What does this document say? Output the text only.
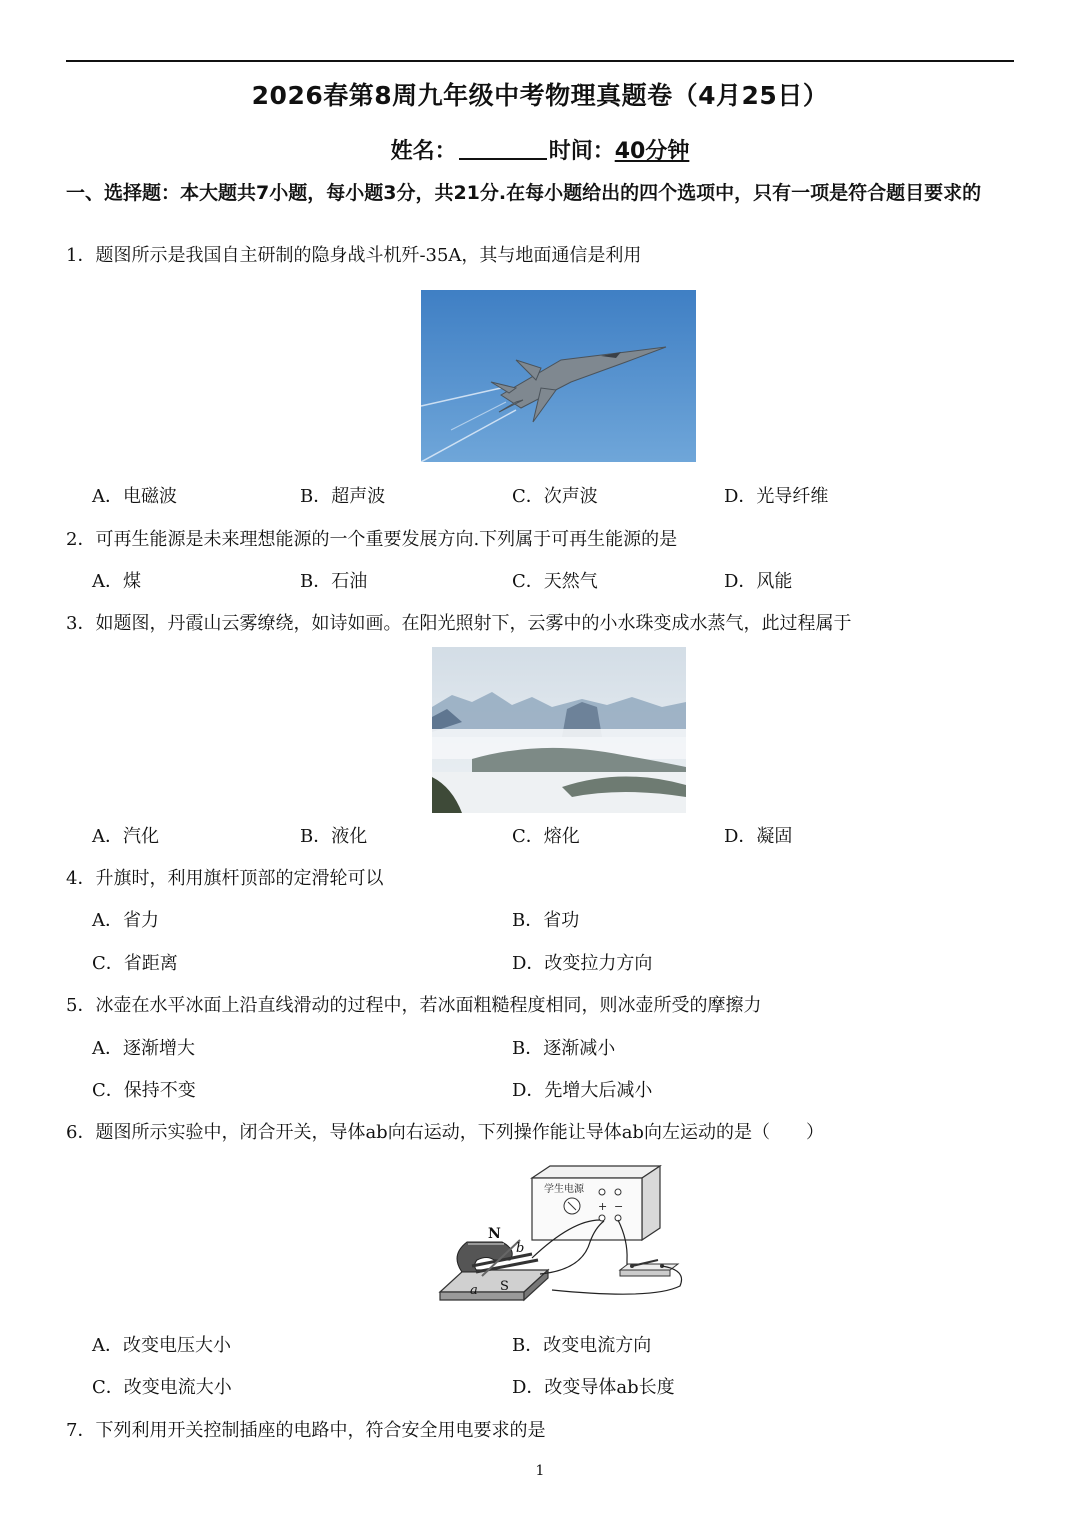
2026春第8周九年级中考物理真题卷（4月25日）
姓名：	时间：40分钟
一、选择题：本大题共7小题，每小题3分，共21分.在每小题给出的四个选项中，只有一项是符合题目要求的
1．题图所示是我国自主研制的隐身战斗机歼-35A，其与地面通信是利用
A．电磁波	B．超声波	C．次声波	D．光导纤维
2．可再生能源是未来理想能源的一个重要发展方向.下列属于可再生能源的是
A．煤	B．石油	C．天然气	D．风能
3．如题图，丹霞山云雾缭绕，如诗如画。在阳光照射下，云雾中的小水珠变成水蒸气，此过程属于
A．汽化	B．液化	C．熔化	D．凝固
4．升旗时，利用旗杆顶部的定滑轮可以
A．省力	B．省功
C．省距离	D．改变拉力方向
5．冰壶在水平冰面上沿直线滑动的过程中，若冰面粗糙程度相同，则冰壶所受的摩擦力
A．逐渐增大	B．逐渐减小
C．保持不变	D．先增大后减小
6．题图所示实验中，闭合开关，导体ab向右运动，下列操作能让导体ab向左运动的是（　　）
学生电源
+ −
N
S
b
a
A．改变电压大小	B．改变电流方向
C．改变电流大小	D．改变导体ab长度
7．下列利用开关控制插座的电路中，符合安全用电要求的是
1
